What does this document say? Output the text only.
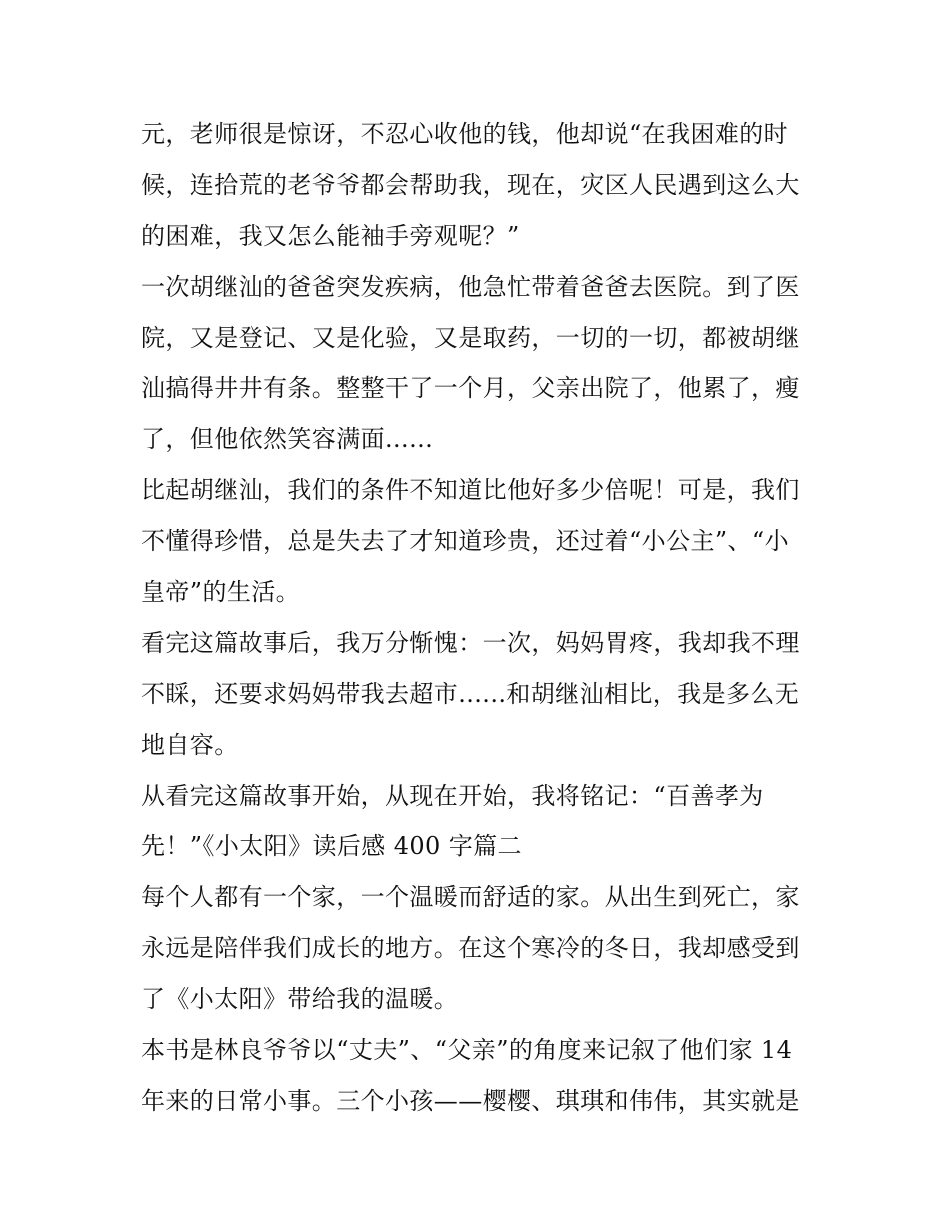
元，老师很是惊讶，不忍心收他的钱，他却说“在我困难的时
候，连拾荒的老爷爷都会帮助我，现在，灾区人民遇到这么大
的困难，我又怎么能袖手旁观呢？”
一次胡继汕的爸爸突发疾病，他急忙带着爸爸去医院。到了医
院，又是登记、又是化验，又是取药，一切的一切，都被胡继
汕搞得井井有条。整整干了一个月，父亲出院了，他累了，瘦
了，但他依然笑容满面......
比起胡继汕，我们的条件不知道比他好多少倍呢！可是，我们
不懂得珍惜，总是失去了才知道珍贵，还过着“小公主”、“小
皇帝”的生活。
看完这篇故事后，我万分惭愧：一次，妈妈胃疼，我却我不理
不睬，还要求妈妈带我去超市......和胡继汕相比，我是多么无
地自容。
从看完这篇故事开始，从现在开始，我将铭记：“百善孝为
先！”《小太阳》读后感 400 字篇二
每个人都有一个家，一个温暖而舒适的家。从出生到死亡，家
永远是陪伴我们成长的地方。在这个寒冷的冬日，我却感受到
了《小太阳》带给我的温暖。
本书是林良爷爷以“丈夫”、“父亲”的角度来记叙了他们家 14
年来的日常小事。三个小孩——樱樱、琪琪和伟伟，其实就是
